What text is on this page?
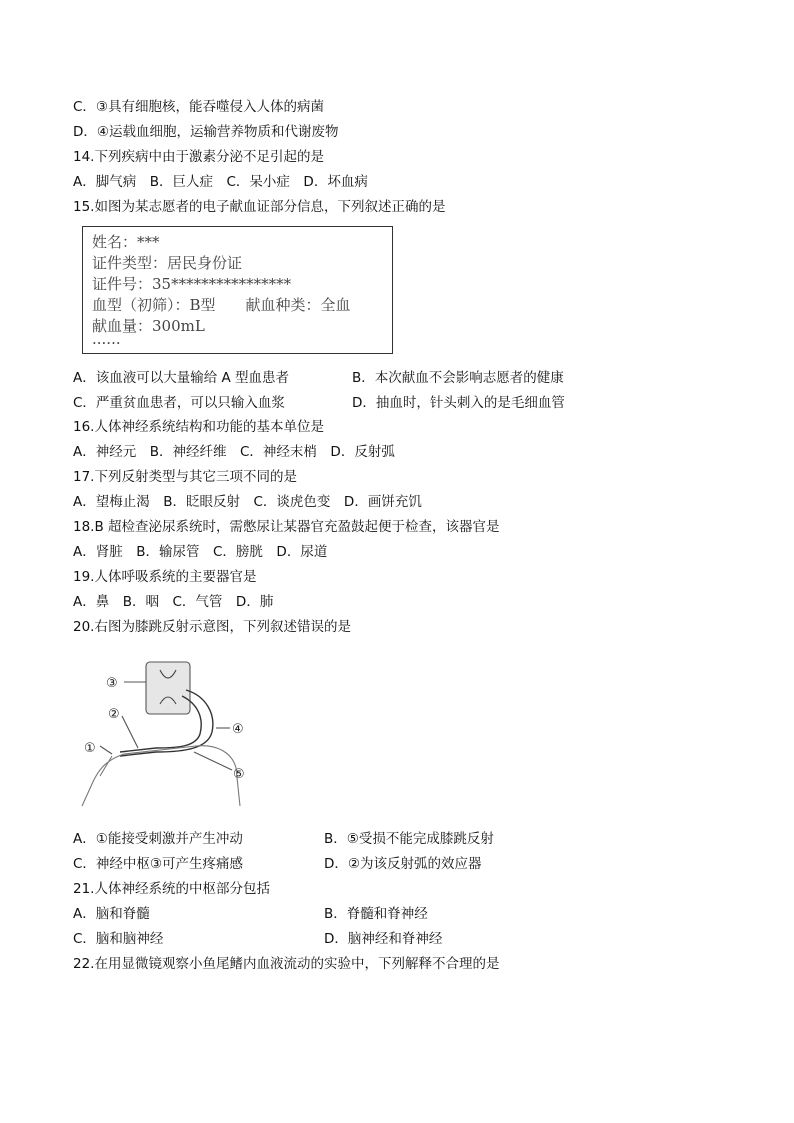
C．③具有细胞核，能吞噬侵入人体的病菌
D．④运载血细胞，运输营养物质和代谢废物
14.下列疾病中由于激素分泌不足引起的是
A．脚气病　B．巨人症　C．呆小症　D．坏血病
15.如图为某志愿者的电子献血证部分信息，下列叙述正确的是
姓名：***
证件类型：居民身份证
证件号：35****************
血型（初筛）：B型　　献血种类：全血
献血量：300mL
······
A．该血液可以大量输给 A 型血患者	B．本次献血不会影响志愿者的健康
C．严重贫血患者，可以只输入血浆	D．抽血时，针头刺入的是毛细血管
16.人体神经系统结构和功能的基本单位是
A．神经元　B．神经纤维　C．神经末梢　D．反射弧
17.下列反射类型与其它三项不同的是
A．望梅止渴　B．眨眼反射　C．谈虎色变　D．画饼充饥
18.B 超检查泌尿系统时，需憋尿让某器官充盈鼓起便于检查，该器官是
A．肾脏　B．输尿管　C．膀胱　D．尿道
19.人体呼吸系统的主要器官是
A．鼻　B．咽　C．气管　D．肺
20.右图为膝跳反射示意图，下列叙述错误的是
③
②
①
④
⑤
A．①能接受刺激并产生冲动	B．⑤受损不能完成膝跳反射
C．神经中枢③可产生疼痛感	D．②为该反射弧的效应器
21.人体神经系统的中枢部分包括
A．脑和脊髓	B．脊髓和脊神经
C．脑和脑神经	D．脑神经和脊神经
22.在用显微镜观察小鱼尾鳍内血液流动的实验中，下列解释不合理的是
